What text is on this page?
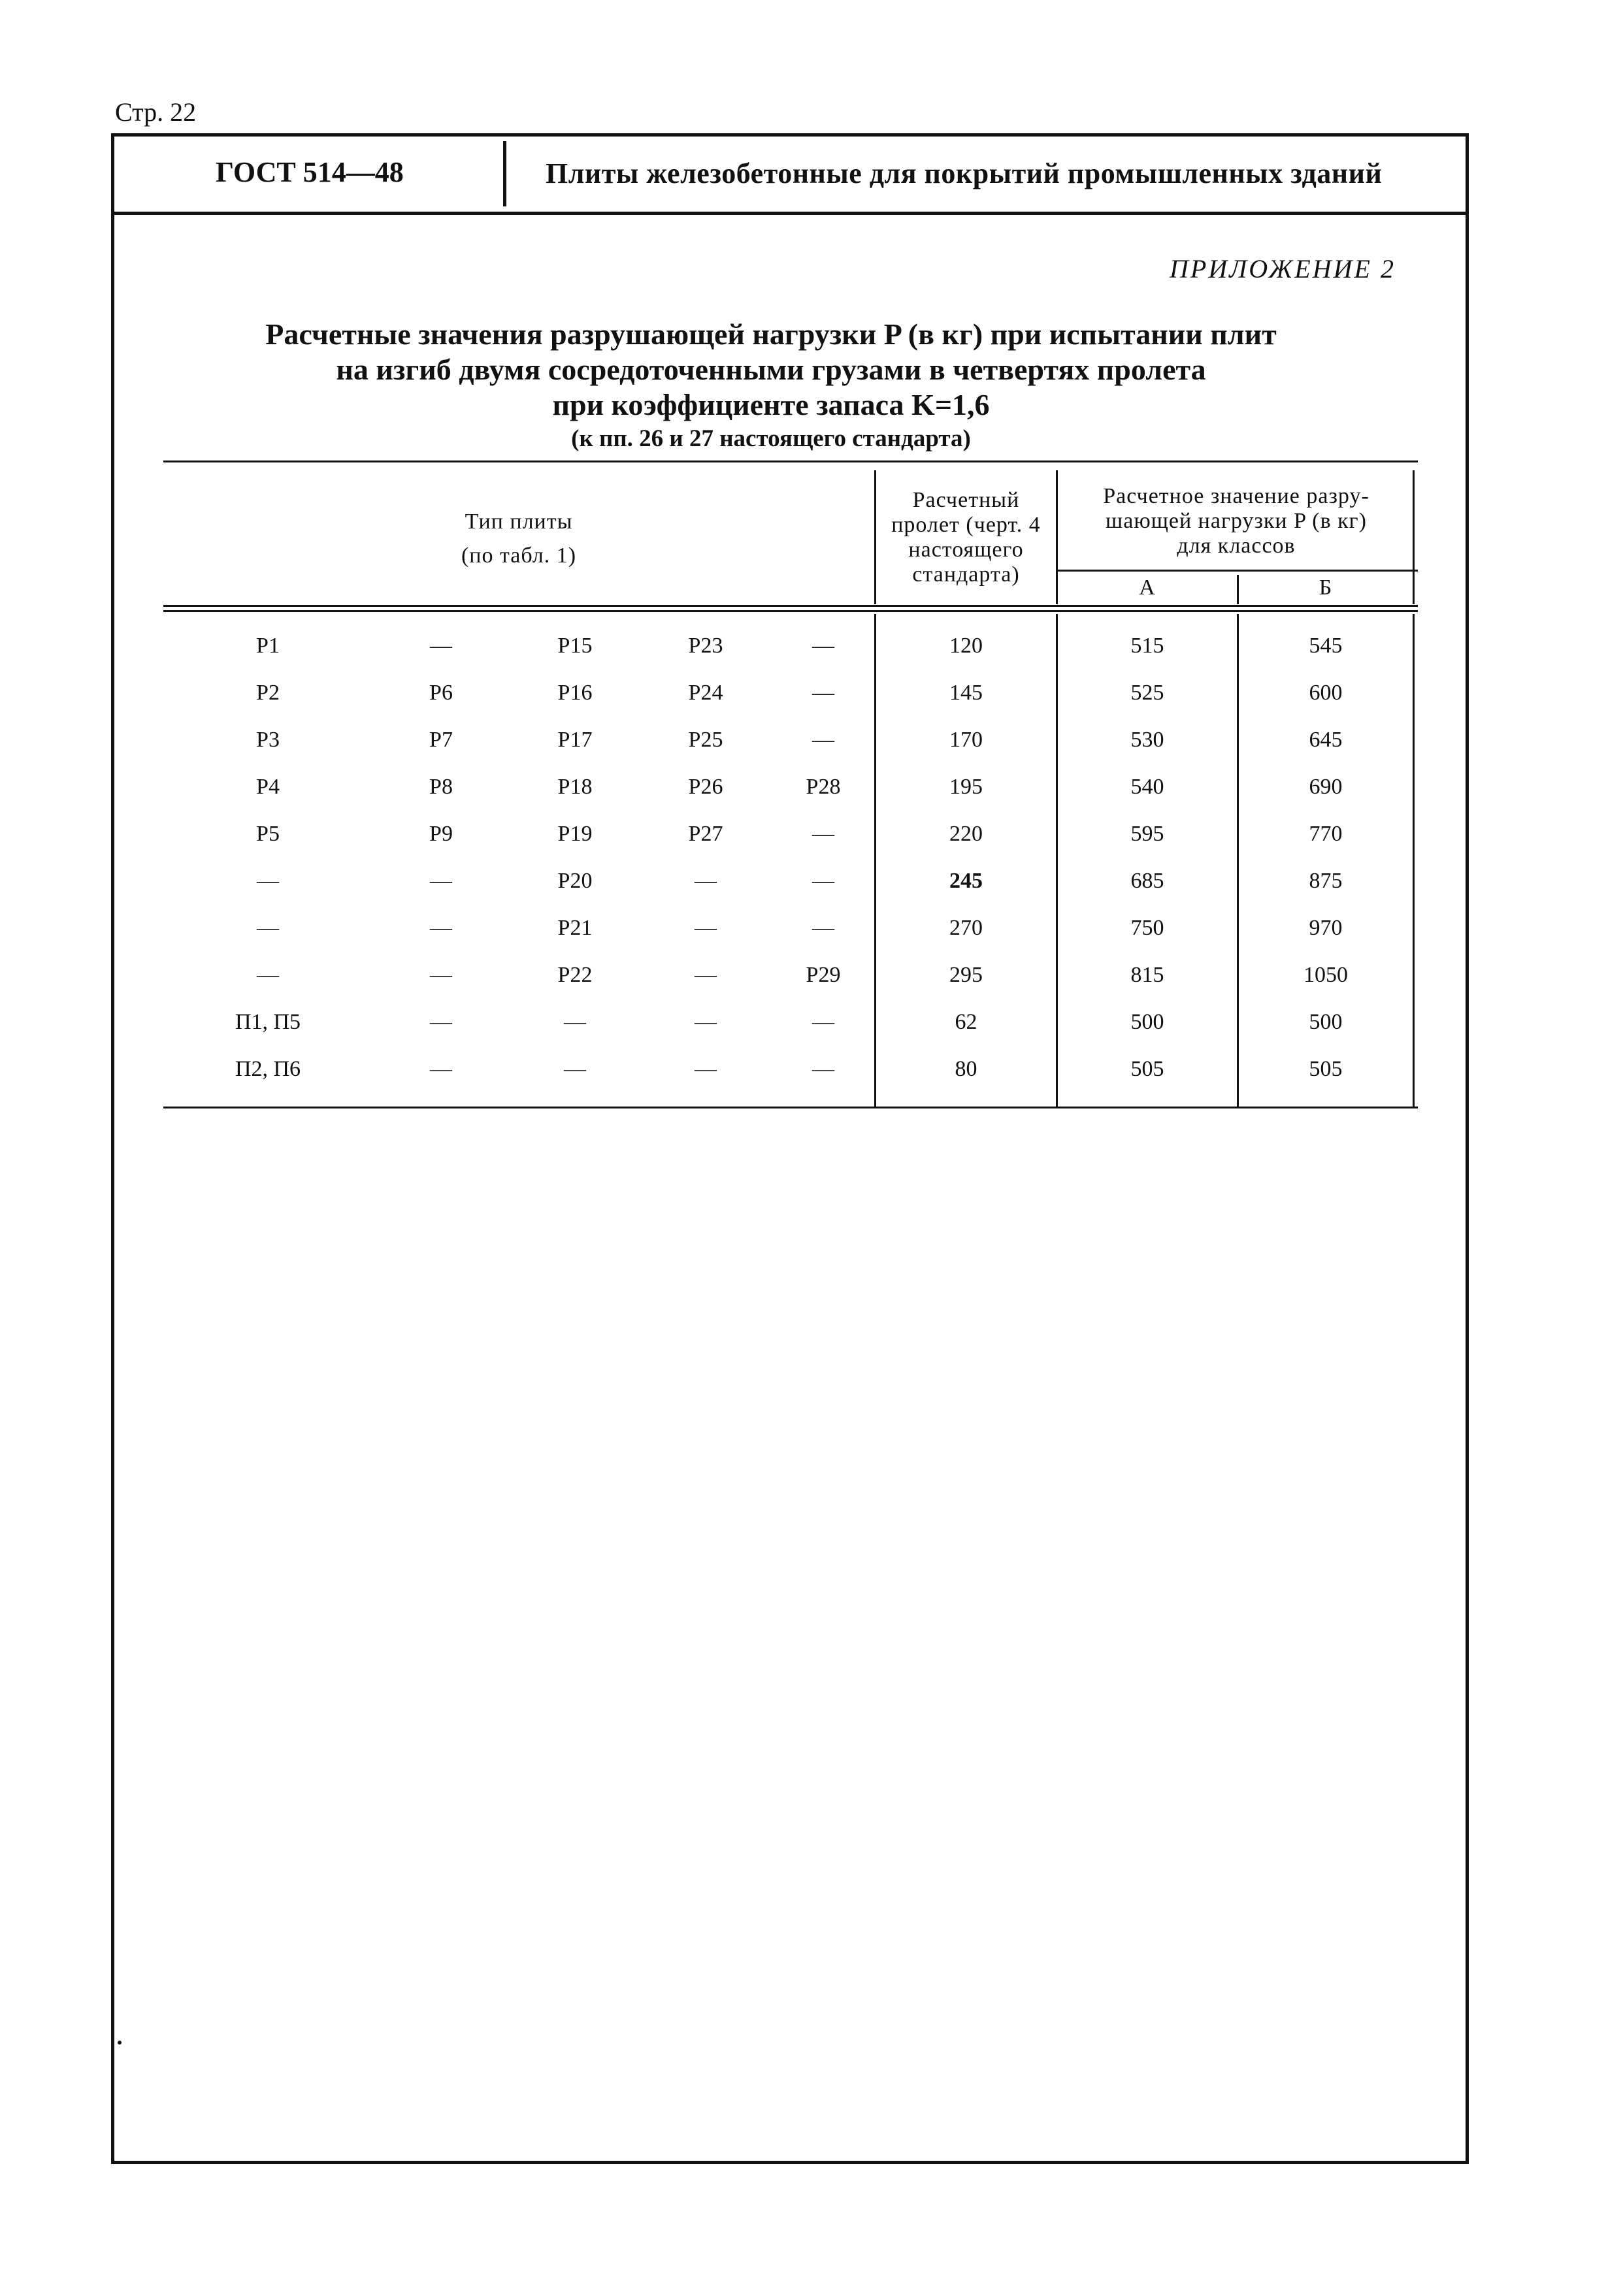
Стр. 22
ГОСТ 514—48	Плиты железобетонные для покрытий промышленных зданий
ПРИЛОЖЕНИЕ 2
Расчетные значения разрушающей нагрузки P (в кг) при испытании плит
на изгиб двумя сосредоточенными грузами в четвертях пролета
при коэффициенте запаса K=1,6
(к пп. 26 и 27 настоящего стандарта)
Тип плиты
(по табл. 1)
Расчетный
пролет (черт. 4
настоящего
стандарта)
Расчетное значение разру-
шающей нагрузки P (в кг)
для классов
А	Б
Р1	—	Р15	Р23	—	120	515	545
Р2	Р6	Р16	Р24	—	145	525	600
Р3	Р7	Р17	Р25	—	170	530	645
Р4	Р8	Р18	Р26	Р28	195	540	690
Р5	Р9	Р19	Р27	—	220	595	770
—	—	Р20	—	—	245	685	875
—	—	Р21	—	—	270	750	970
—	—	Р22	—	Р29	295	815	1050
П1, П5	—	—	—	—	62	500	500
П2, П6	—	—	—	—	80	505	505
